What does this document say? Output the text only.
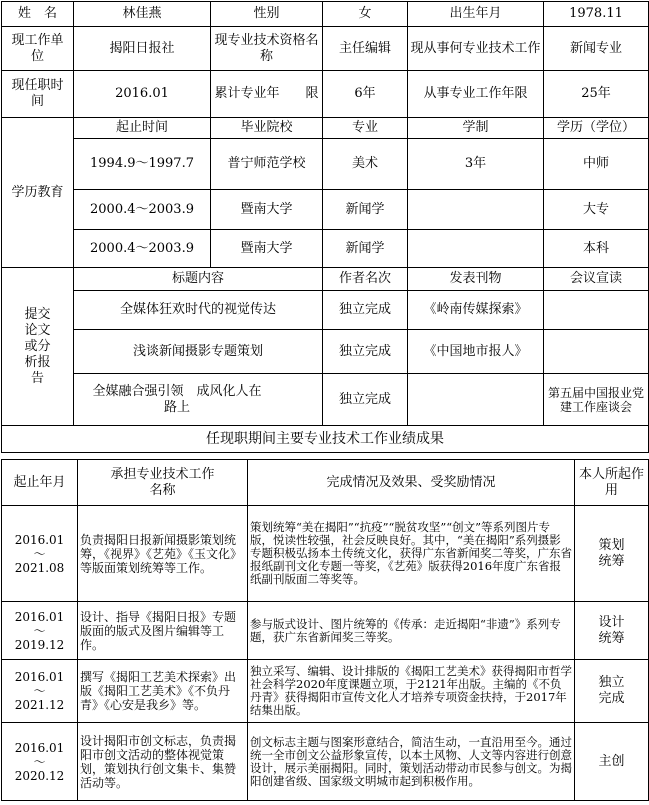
姓　名	林佳燕	性别	女	出生年月	1978.11
现工作单　位	揭阳日报社	现专业技术资格名称	主任编辑	现从事何专业技术工作	新闻专业
现任职时　间	2016.01	累计专业年　　限	6年	从事专业工作年限	25年
学历教育	起止时间	毕业院校	专业	学制	学历（学位）
	1994.9～1997.7	普宁师范学校	美术	3年	中师
	2000.4～2003.9	暨南大学	新闻学		大专
	2000.4～2003.9	暨南大学	新闻学		本科
提交论文或分析报告	标题内容		作者名次	发表刊物	会议宣读
	全媒体狂欢时代的视觉传达		独立完成	《岭南传媒探索》	
	浅谈新闻摄影专题策划		独立完成	《中国地市报人》	
	全媒融合强引领　成风化人在路上		独立完成		第五届中国报业党建工作座谈会
任现职期间主要专业技术工作业绩成果					
起止年月	承担专业技术工作名称	完成情况及效果、受奖励情况	本人所起作用

2016.01
～
2021.08	负责揭阳日报新闻摄影策划统筹，《视界》《艺苑》《玉文化》等版面策划统筹等工作。	策划统筹“美在揭阳”“抗疫”“脱贫攻坚”“创文”等系列图片专版，悦读性较强，社会反映良好。其中，“美在揭阳”系列摄影专题积极弘扬本土传统文化，获得广东省新闻奖二等奖，广东省报纸副刊文化专题一等奖，《艺苑》版获得2016年度广东省报纸副刊版面二等奖等。	策划统筹

2016.01
～
2019.12	设计、指导《揭阳日报》专题版面的版式及图片编辑等工作。	参与版式设计、图片统筹的《传承：走近揭阳“非遗”》系列专题，获广东省新闻奖三等奖。	设计统筹

2016.01
～
2021.12	撰写《揭阳工艺美术探索》出版《揭阳工艺美术》《不负丹青》《心安是我乡》等。	独立采写、编辑、设计排版的《揭阳工艺美术》获得揭阳市哲学社会科学2020年度课题立项，于2121年出版。主编的《不负丹青》获得揭阳市宣传文化人才培养专项资金扶持，于2017年结集出版。	独立完成

2016.01
～
2020.12	设计揭阳市创文标志，负责揭阳市创文活动的整体视觉策划，策划执行创文集卡、集赞活动等。	创文标志主题与图案形意结合，简洁生动，一直沿用至今。通过统一全市创文公益形象宣传，以本土风物、人文等内容进行创意设计，展示美丽揭阳。同时，策划活动带动市民参与创文。为揭阳创建省级、国家级文明城市起到积极作用。	主创
